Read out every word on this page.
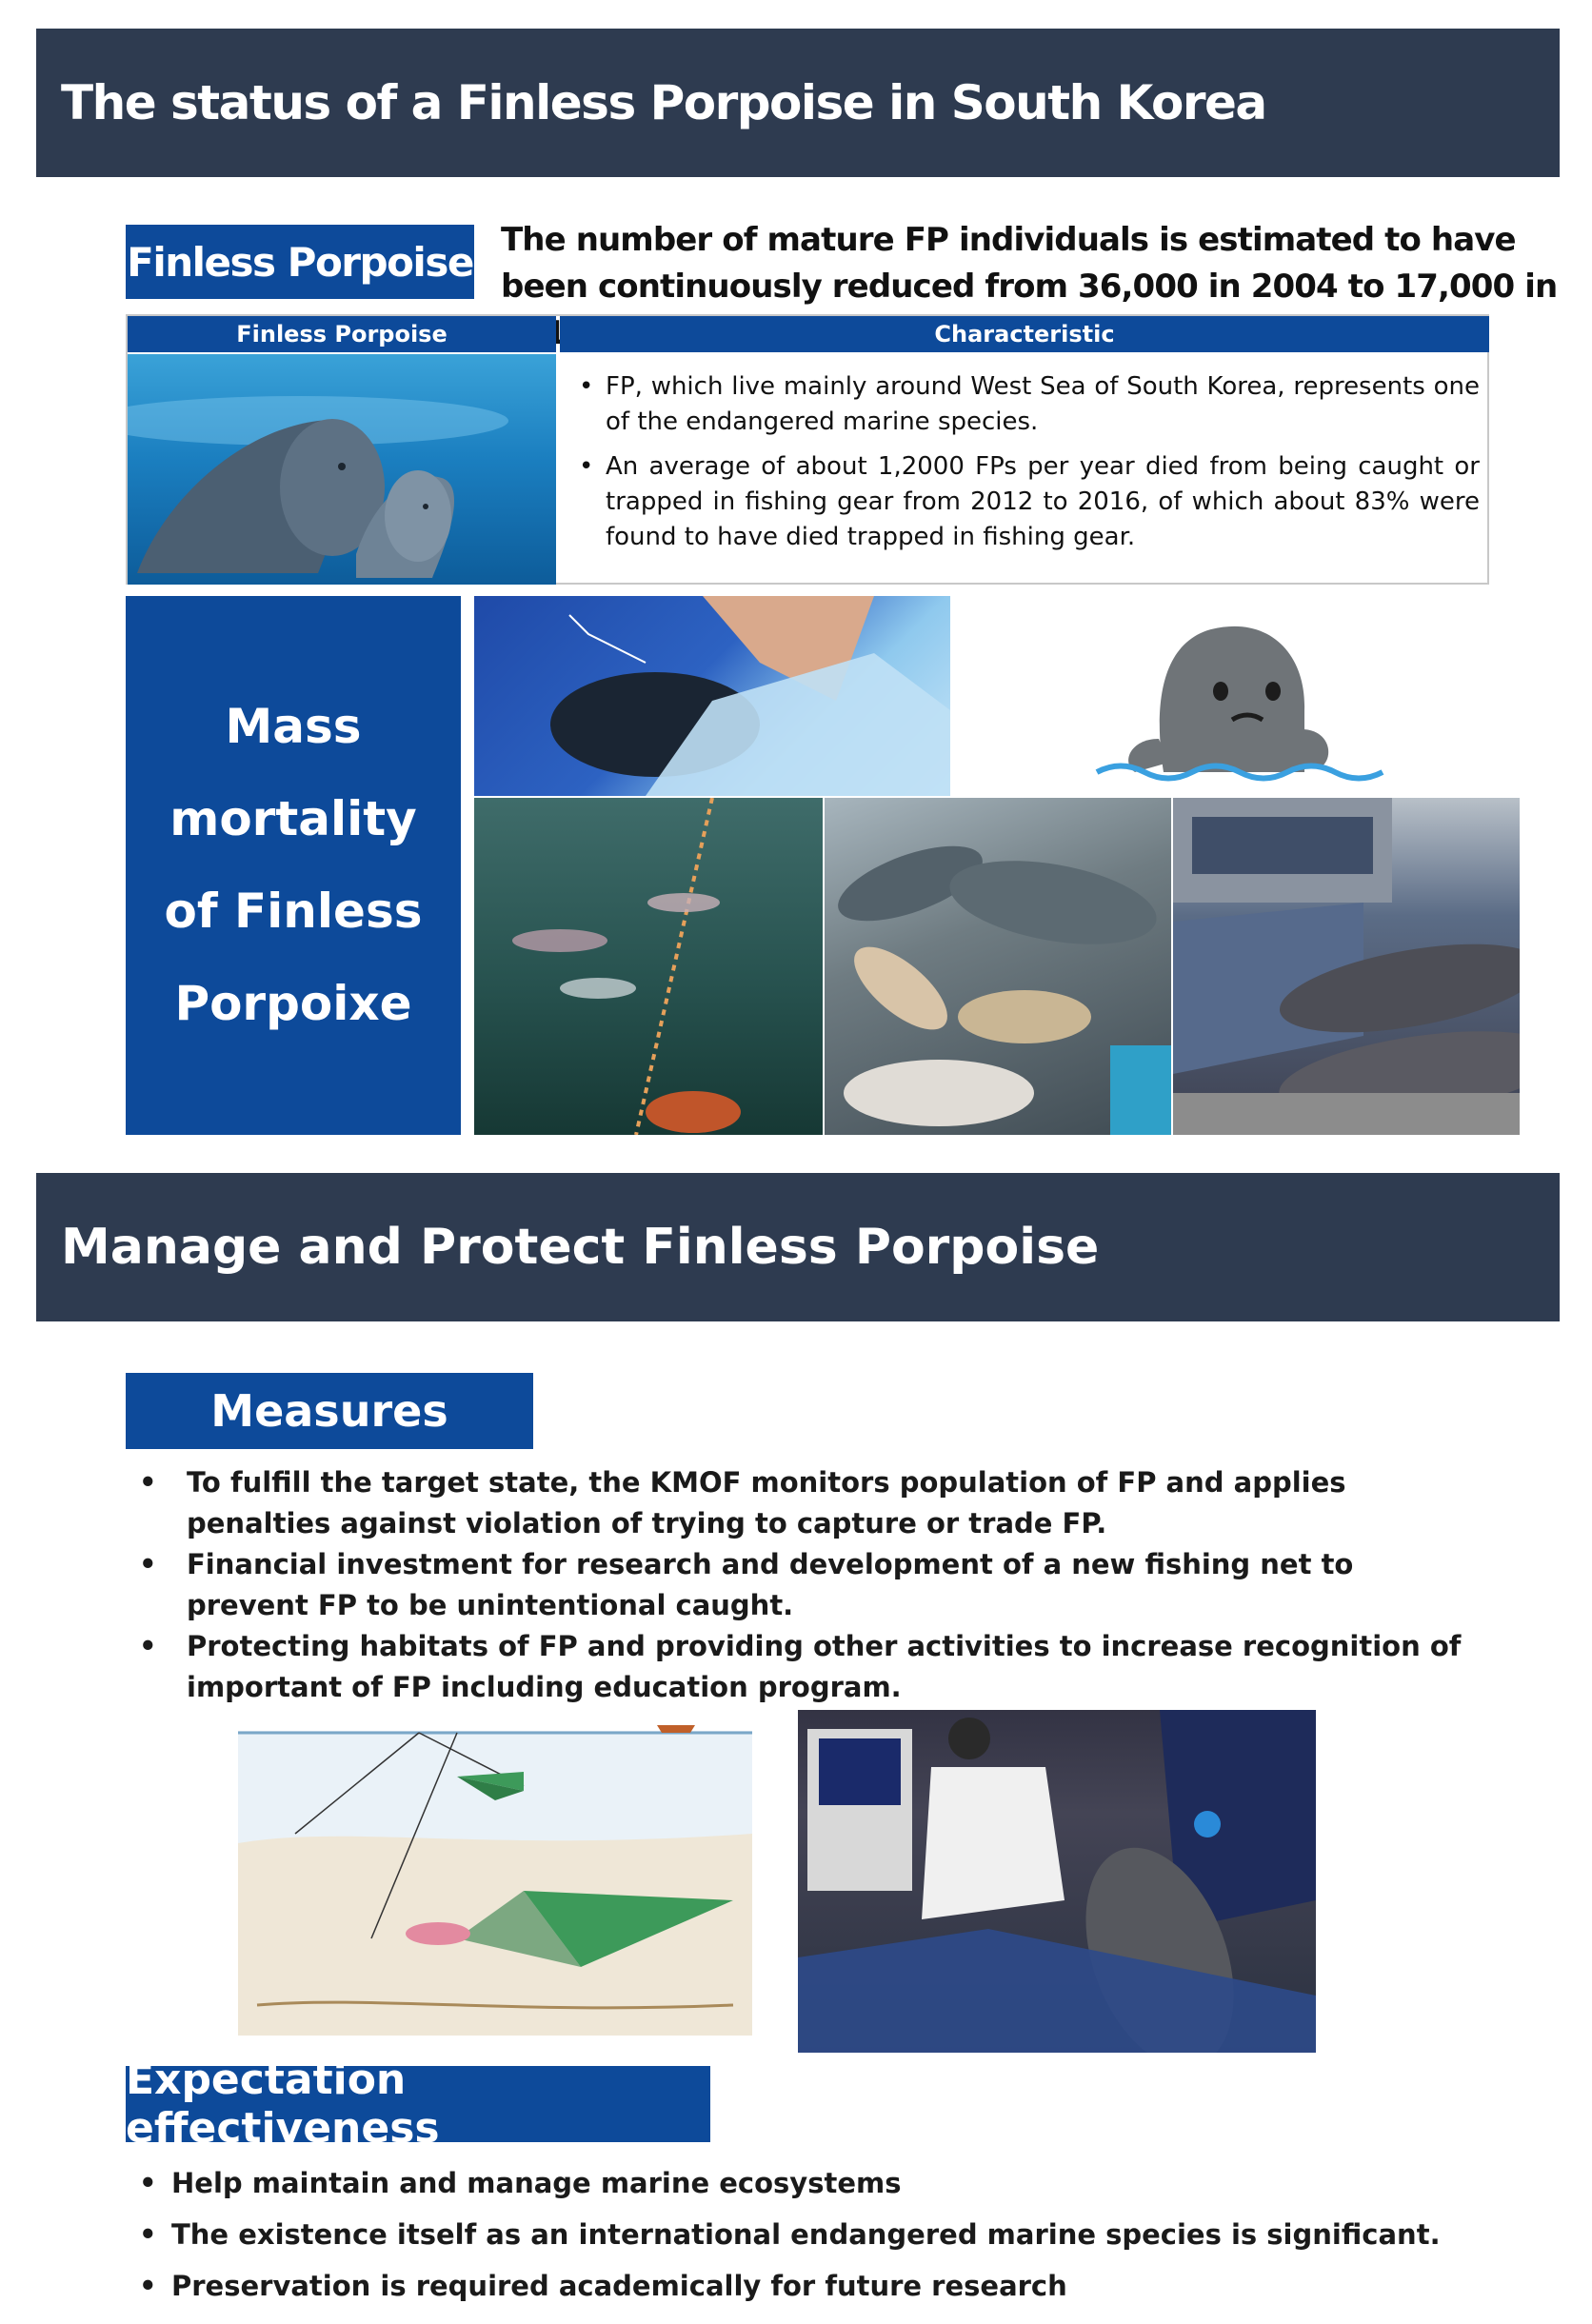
The status of a Finless Porpoise in South Korea
Finless Porpoise The number of mature FP individuals is estimated to have been continuously reduced from 36,000 in 2004 to 17,000 in
Finless Porpoise	Characteristic
• FP, which live mainly around West Sea of South Korea, represents one of the endangered marine species.
• An average of about 1,2000 FPs per year died from being caught or trapped in fishing gear from 2012 to 2016, of which about 83% were found to have died trapped in fishing gear.
Mass mortality of Finless Porpoixe
Manage and Protect Finless Porpoise
Measures
• To fulfill the target state, the KMOF monitors population of FP and applies penalties against violation of trying to capture or trade FP.
• Financial investment for research and development of a new fishing net to prevent FP to be unintentional caught.
• Protecting habitats of FP and providing other activities to increase recognition of important of FP including education program.
Expectation effectiveness
• Help maintain and manage marine ecosystems
• The existence itself as an international endangered marine species is significant.
• Preservation is required academically for future research
